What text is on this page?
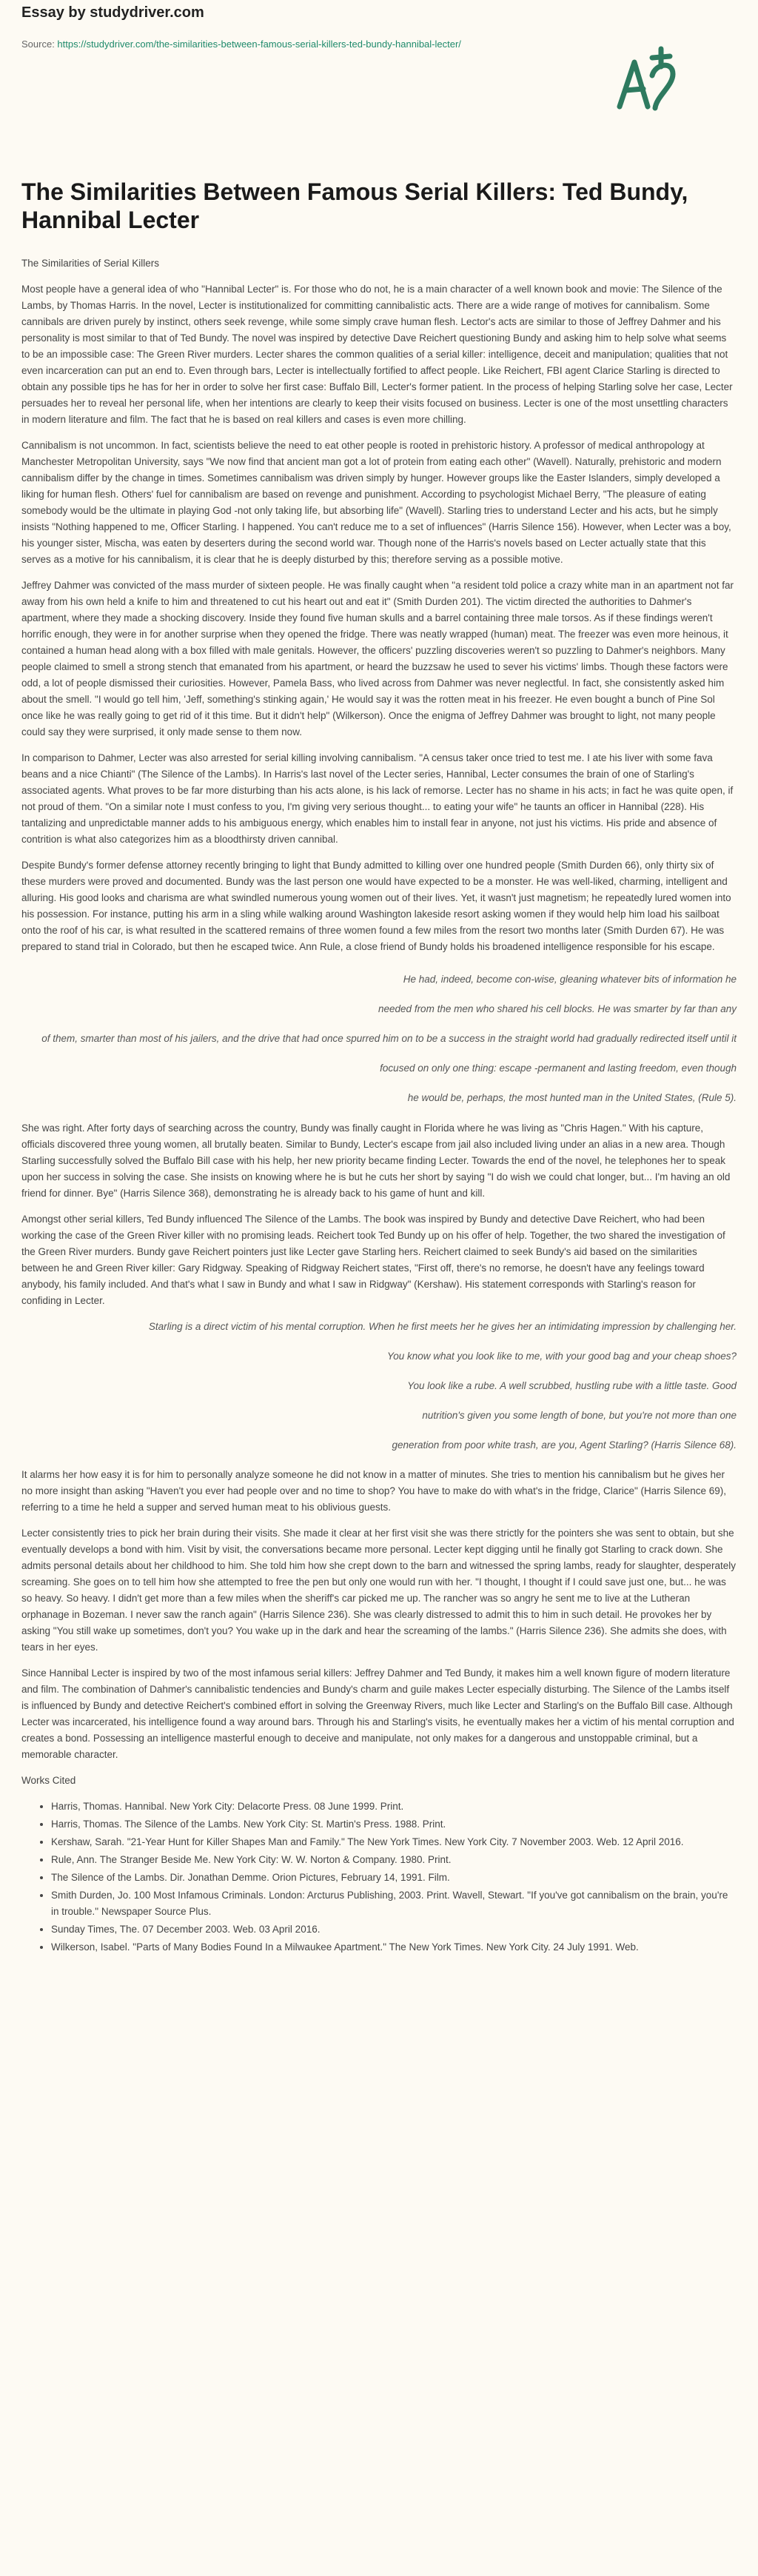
Essay by studydriver.com
Source: https://studydriver.com/the-similarities-between-famous-serial-killers-ted-bundy-hannibal-lecter/
The Similarities Between Famous Serial Killers: Ted Bundy, Hannibal Lecter

The Similarities of Serial Killers

Most people have a general idea of who "Hannibal Lecter" is. For those who do not, he is a main character of a well known book and movie: The Silence of the Lambs, by Thomas Harris. In the novel, Lecter is institutionalized for committing cannibalistic acts. There are a wide range of motives for cannibalism. Some cannibals are driven purely by instinct, others seek revenge, while some simply crave human flesh. Lector's acts are similar to those of Jeffrey Dahmer and his personality is most similar to that of Ted Bundy. The novel was inspired by detective Dave Reichert questioning Bundy and asking him to help solve what seems to be an impossible case: The Green River murders. Lecter shares the common qualities of a serial killer: intelligence, deceit and manipulation; qualities that not even incarceration can put an end to. Even through bars, Lecter is intellectually fortified to affect people. Like Reichert, FBI agent Clarice Starling is directed to obtain any possible tips he has for her in order to solve her first case: Buffalo Bill, Lecter's former patient. In the process of helping Starling solve her case, Lecter persuades her to reveal her personal life, when her intentions are clearly to keep their visits focused on business. Lecter is one of the most unsettling characters in modern literature and film. The fact that he is based on real killers and cases is even more chilling.

Cannibalism is not uncommon. In fact, scientists believe the need to eat other people is rooted in prehistoric history. A professor of medical anthropology at Manchester Metropolitan University, says "We now find that ancient man got a lot of protein from eating each other" (Wavell). Naturally, prehistoric and modern cannibalism differ by the change in times. Sometimes cannibalism was driven simply by hunger. However groups like the Easter Islanders, simply developed a liking for human flesh. Others' fuel for cannibalism are based on revenge and punishment. According to psychologist Michael Berry, "The pleasure of eating somebody would be the ultimate in playing God -not only taking life, but absorbing life" (Wavell). Starling tries to understand Lecter and his acts, but he simply insists "Nothing happened to me, Officer Starling. I happened. You can't reduce me to a set of influences" (Harris Silence 156). However, when Lecter was a boy, his younger sister, Mischa, was eaten by deserters during the second world war. Though none of the Harris's novels based on Lecter actually state that this serves as a motive for his cannibalism, it is clear that he is deeply disturbed by this; therefore serving as a possible motive.

Jeffrey Dahmer was convicted of the mass murder of sixteen people. He was finally caught when "a resident told police a crazy white man in an apartment not far away from his own held a knife to him and threatened to cut his heart out and eat it" (Smith Durden 201). The victim directed the authorities to Dahmer's apartment, where they made a shocking discovery. Inside they found five human skulls and a barrel containing three male torsos. As if these findings weren't horrific enough, they were in for another surprise when they opened the fridge. There was neatly wrapped (human) meat. The freezer was even more heinous, it contained a human head along with a box filled with male genitals. However, the officers' puzzling discoveries weren't so puzzling to Dahmer's neighbors. Many people claimed to smell a strong stench that emanated from his apartment, or heard the buzzsaw he used to sever his victims' limbs. Though these factors were odd, a lot of people dismissed their curiosities. However, Pamela Bass, who lived across from Dahmer was never neglectful. In fact, she consistently asked him about the smell. "I would go tell him, 'Jeff, something's stinking again,' He would say it was the rotten meat in his freezer. He even bought a bunch of Pine Sol once like he was really going to get rid of it this time. But it didn't help" (Wilkerson). Once the enigma of Jeffrey Dahmer was brought to light, not many people could say they were surprised, it only made sense to them now.

In comparison to Dahmer, Lecter was also arrested for serial killing involving cannibalism. "A census taker once tried to test me. I ate his liver with some fava beans and a nice Chianti" (The Silence of the Lambs). In Harris's last novel of the Lecter series, Hannibal, Lecter consumes the brain of one of Starling's associated agents. What proves to be far more disturbing than his acts alone, is his lack of remorse. Lecter has no shame in his acts; in fact he was quite open, if not proud of them. "On a similar note I must confess to you, I'm giving very serious thought... to eating your wife" he taunts an officer in Hannibal (228). His tantalizing and unpredictable manner adds to his ambiguous energy, which enables him to install fear in anyone, not just his victims. His pride and absence of contrition is what also categorizes him as a bloodthirsty driven cannibal.

Despite Bundy's former defense attorney recently bringing to light that Bundy admitted to killing over one hundred people (Smith Durden 66), only thirty six of these murders were proved and documented. Bundy was the last person one would have expected to be a monster. He was well-liked, charming, intelligent and alluring. His good looks and charisma are what swindled numerous young women out of their lives. Yet, it wasn't just magnetism; he repeatedly lured women into his possession. For instance, putting his arm in a sling while walking around Washington lakeside resort asking women if they would help him load his sailboat onto the roof of his car, is what resulted in the scattered remains of three women found a few miles from the resort two months later (Smith Durden 67). He was prepared to stand trial in Colorado, but then he escaped twice. Ann Rule, a close friend of Bundy holds his broadened intelligence responsible for his escape.

He had, indeed, become con-wise, gleaning whatever bits of information he
needed from the men who shared his cell blocks. He was smarter by far than any
of them, smarter than most of his jailers, and the drive that had once spurred him on to be a success in the straight world had gradually redirected itself until it
focused on only one thing: escape -permanent and lasting freedom, even though
he would be, perhaps, the most hunted man in the United States, (Rule 5).

She was right. After forty days of searching across the country, Bundy was finally caught in Florida where he was living as "Chris Hagen." With his capture, officials discovered three young women, all brutally beaten. Similar to Bundy, Lecter's escape from jail also included living under an alias in a new area. Though Starling successfully solved the Buffalo Bill case with his help, her new priority became finding Lecter. Towards the end of the novel, he telephones her to speak upon her success in solving the case. She insists on knowing where he is but he cuts her short by saying "I do wish we could chat longer, but... I'm having an old friend for dinner. Bye" (Harris Silence 368), demonstrating he is already back to his game of hunt and kill.

Amongst other serial killers, Ted Bundy influenced The Silence of the Lambs. The book was inspired by Bundy and detective Dave Reichert, who had been working the case of the Green River killer with no promising leads. Reichert took Ted Bundy up on his offer of help. Together, the two shared the investigation of the Green River murders. Bundy gave Reichert pointers just like Lecter gave Starling hers. Reichert claimed to seek Bundy's aid based on the similarities between he and Green River killer: Gary Ridgway. Speaking of Ridgway Reichert states, "First off, there's no remorse, he doesn't have any feelings toward anybody, his family included. And that's what I saw in Bundy and what I saw in Ridgway" (Kershaw). His statement corresponds with Starling's reason for confiding in Lecter.

Starling is a direct victim of his mental corruption. When he first meets her he gives her an intimidating impression by challenging her.
You know what you look like to me, with your good bag and your cheap shoes?
You look like a rube. A well scrubbed, hustling rube with a little taste. Good
nutrition's given you some length of bone, but you're not more than one
generation from poor white trash, are you, Agent Starling? (Harris Silence 68).

It alarms her how easy it is for him to personally analyze someone he did not know in a matter of minutes. She tries to mention his cannibalism but he gives her no more insight than asking "Haven't you ever had people over and no time to shop? You have to make do with what's in the fridge, Clarice" (Harris Silence 69), referring to a time he held a supper and served human meat to his oblivious guests.

Lecter consistently tries to pick her brain during their visits. She made it clear at her first visit she was there strictly for the pointers she was sent to obtain, but she eventually develops a bond with him. Visit by visit, the conversations became more personal. Lecter kept digging until he finally got Starling to crack down. She admits personal details about her childhood to him. She told him how she crept down to the barn and witnessed the spring lambs, ready for slaughter, desperately screaming. She goes on to tell him how she attempted to free the pen but only one would run with her. "I thought, I thought if I could save just one, but... he was so heavy. So heavy. I didn't get more than a few miles when the sheriff's car picked me up. The rancher was so angry he sent me to live at the Lutheran orphanage in Bozeman. I never saw the ranch again" (Harris Silence 236). She was clearly distressed to admit this to him in such detail. He provokes her by asking "You still wake up sometimes, don't you? You wake up in the dark and hear the screaming of the lambs." (Harris Silence 236). She admits she does, with tears in her eyes.

Since Hannibal Lecter is inspired by two of the most infamous serial killers: Jeffrey Dahmer and Ted Bundy, it makes him a well known figure of modern literature and film. The combination of Dahmer's cannibalistic tendencies and Bundy's charm and guile makes Lecter especially disturbing. The Silence of the Lambs itself is influenced by Bundy and detective Reichert's combined effort in solving the Greenway Rivers, much like Lecter and Starling's on the Buffalo Bill case. Although Lecter was incarcerated, his intelligence found a way around bars. Through his and Starling's visits, he eventually makes her a victim of his mental corruption and creates a bond. Possessing an intelligence masterful enough to deceive and manipulate, not only makes for a dangerous and unstoppable criminal, but a memorable character.

Works Cited

• Harris, Thomas. Hannibal. New York City: Delacorte Press. 08 June 1999. Print.
• Harris, Thomas. The Silence of the Lambs. New York City: St. Martin's Press. 1988. Print.
• Kershaw, Sarah. "21-Year Hunt for Killer Shapes Man and Family." The New York Times. New York City. 7 November 2003. Web. 12 April 2016.
• Rule, Ann. The Stranger Beside Me. New York City: W. W. Norton & Company. 1980. Print.
• The Silence of the Lambs. Dir. Jonathan Demme. Orion Pictures, February 14, 1991. Film.
• Smith Durden, Jo. 100 Most Infamous Criminals. London: Arcturus Publishing, 2003. Print. Wavell, Stewart. "If you've got cannibalism on the brain, you're in trouble." Newspaper Source Plus.
• Sunday Times, The. 07 December 2003. Web. 03 April 2016.
• Wilkerson, Isabel. "Parts of Many Bodies Found In a Milwaukee Apartment." The New York Times. New York City. 24 July 1991. Web.
